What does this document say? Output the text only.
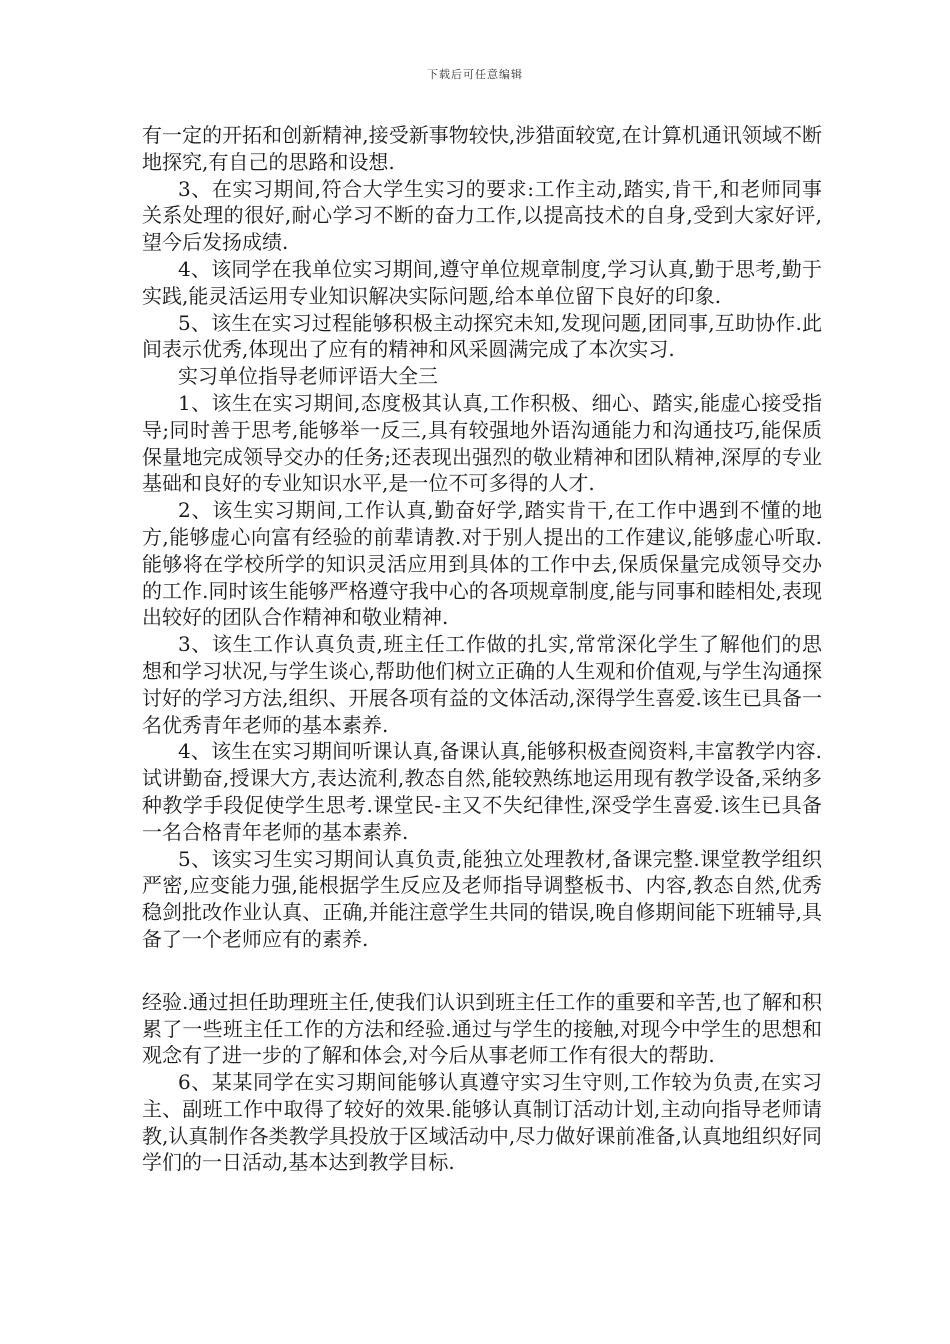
下载后可任意编辑

有一定的开拓和创新精神,接受新事物较快,涉猎面较宽,在计算机通讯领域不断地探究,有自己的思路和设想.

3、在实习期间,符合大学生实习的要求:工作主动,踏实,肯干,和老师同事关系处理的很好,耐心学习不断的奋力工作,以提高技术的自身,受到大家好评,望今后发扬成绩.

4、该同学在我单位实习期间,遵守单位规章制度,学习认真,勤于思考,勤于实践,能灵活运用专业知识解决实际问题,给本单位留下良好的印象.

5、该生在实习过程能够积极主动探究未知,发现问题,团同事,互助协作.此间表示优秀,体现出了应有的精神和风采圆满完成了本次实习.

实习单位指导老师评语大全三

1、该生在实习期间,态度极其认真,工作积极、细心、踏实,能虚心接受指导;同时善于思考,能够举一反三,具有较强地外语沟通能力和沟通技巧,能保质保量地完成领导交办的任务;还表现出强烈的敬业精神和团队精神,深厚的专业基础和良好的专业知识水平,是一位不可多得的人才.

2、该生实习期间,工作认真,勤奋好学,踏实肯干,在工作中遇到不懂的地方,能够虚心向富有经验的前辈请教.对于别人提出的工作建议,能够虚心听取.能够将在学校所学的知识灵活应用到具体的工作中去,保质保量完成领导交办的工作.同时该生能够严格遵守我中心的各项规章制度,能与同事和睦相处,表现出较好的团队合作精神和敬业精神.

3、该生工作认真负责,班主任工作做的扎实,常常深化学生了解他们的思想和学习状况,与学生谈心,帮助他们树立正确的人生观和价值观,与学生沟通探讨好的学习方法,组织、开展各项有益的文体活动,深得学生喜爱.该生已具备一名优秀青年老师的基本素养.

4、该生在实习期间听课认真,备课认真,能够积极查阅资料,丰富教学内容.试讲勤奋,授课大方,表达流利,教态自然,能较熟练地运用现有教学设备,采纳多种教学手段促使学生思考.课堂民-主又不失纪律性,深受学生喜爱.该生已具备一名合格青年老师的基本素养.

5、该实习生实习期间认真负责,能独立处理教材,备课完整.课堂教学组织严密,应变能力强,能根据学生反应及老师指导调整板书、内容,教态自然,优秀稳剑批改作业认真、正确,并能注意学生共同的错误,晚自修期间能下班辅导,具备了一个老师应有的素养.

经验.通过担任助理班主任,使我们认识到班主任工作的重要和辛苦,也了解和积累了一些班主任工作的方法和经验.通过与学生的接触,对现今中学生的思想和观念有了进一步的了解和体会,对今后从事老师工作有很大的帮助.

6、某某同学在实习期间能够认真遵守实习生守则,工作较为负责,在实习主、副班工作中取得了较好的效果.能够认真制订活动计划,主动向指导老师请教,认真制作各类教学具投放于区域活动中,尽力做好课前准备,认真地组织好同学们的一日活动,基本达到教学目标.
